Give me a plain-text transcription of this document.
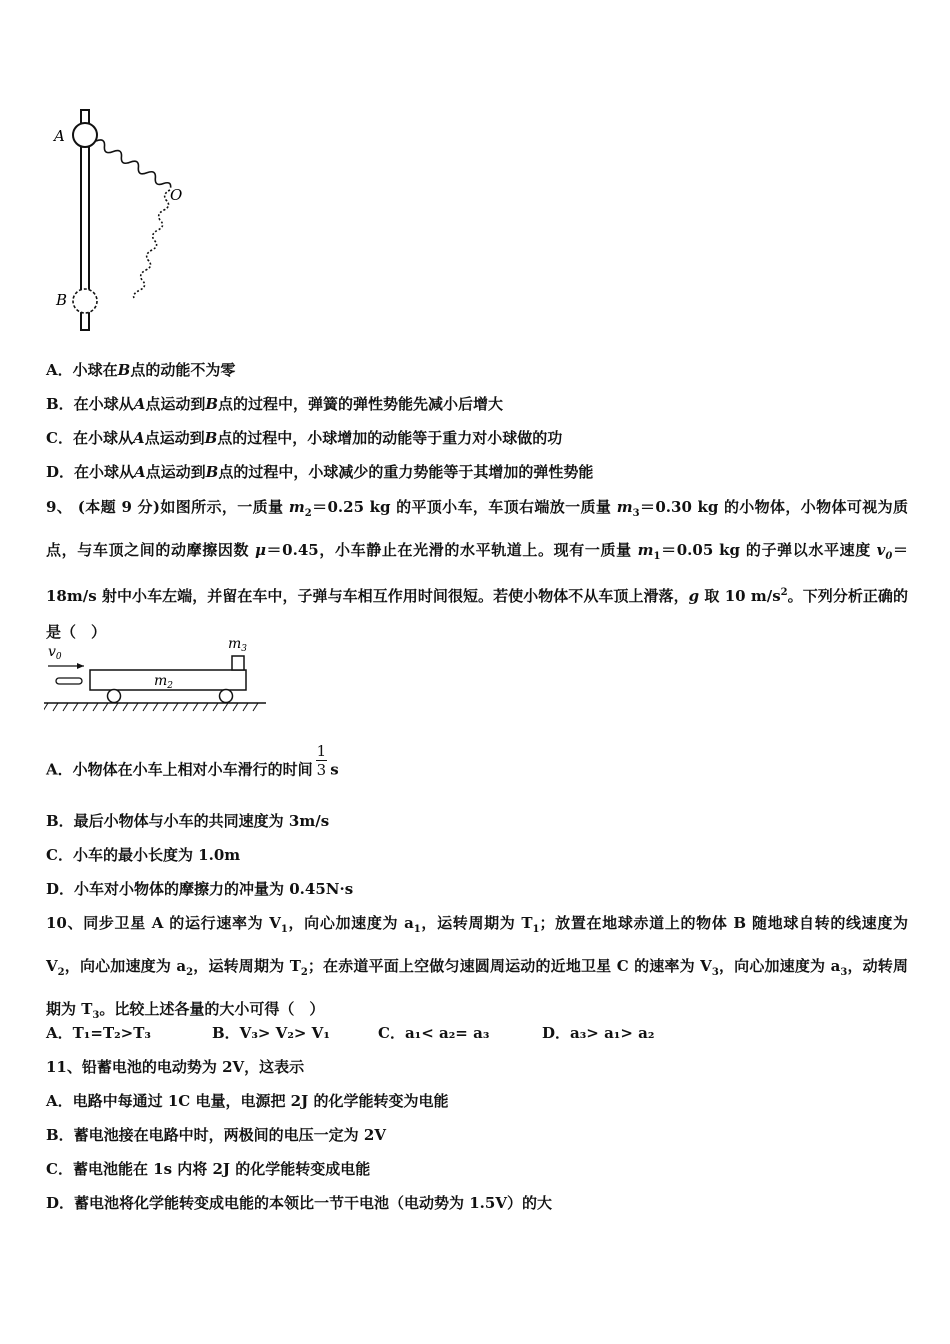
A
O
B
A．小球在B点的动能不为零
B．在小球从A点运动到B点的过程中，弹簧的弹性势能先减小后增大
C．在小球从A点运动到B点的过程中，小球增加的动能等于重力对小球做的功
D．在小球从A点运动到B点的过程中，小球减少的重力势能等于其增加的弹性势能
9、 (本题 9 分)如图所示，一质量 $m_2=0.25$ kg 的平顶小车，车顶右端放一质量 $m_3=0.30$ kg 的小物体，小物体可视为质点，与车顶之间的动摩擦因数 μ＝0.45，小车静止在光滑的水平轨道上。现有一质量 $m_1=0.05$ kg 的子弹以水平速度 $v_0=18m/s$ 射中小车左端，并留在车中，子弹与车相互作用时间很短。若使小物体不从车顶上滑落，g 取 10 $m/s^2$。下列分析正确的是（　）
$v_0$
$m_2$
$m_3$
A．小物体在小车上相对小车滑行的时间 $\frac{1}{3}$ s
B．最后小物体与小车的共同速度为 3m/s
C．小车的最小长度为 1.0m
D．小车对小物体的摩擦力的冲量为 0.45N·s
10、同步卫星 A 的运行速率为 $V_1$，向心加速度为 $a_1$，运转周期为 $T_1$；放置在地球赤道上的物体 B 随地球自转的线速度为 $V_2$，向心加速度为 $a_2$，运转周期为 $T_2$；在赤道平面上空做匀速圆周运动的近地卫星 C 的速率为 $V_3$，向心加速度为 $a_3$，动转周期为 $T_3$。比较上述各量的大小可得（　）
A．T₁=T₂>T₃	B．V₃> V₂> V₁	C．a₁< a₂= a₃	D．a₃> a₁> a₂
11、铅蓄电池的电动势为 2V，这表示
A．电路中每通过 1C 电量，电源把 2J 的化学能转变为电能
B．蓄电池接在电路中时，两极间的电压一定为 2V
C．蓄电池能在 1s 内将 2J 的化学能转变成电能
D．蓄电池将化学能转变成电能的本领比一节干电池（电动势为 1.5V）的大
